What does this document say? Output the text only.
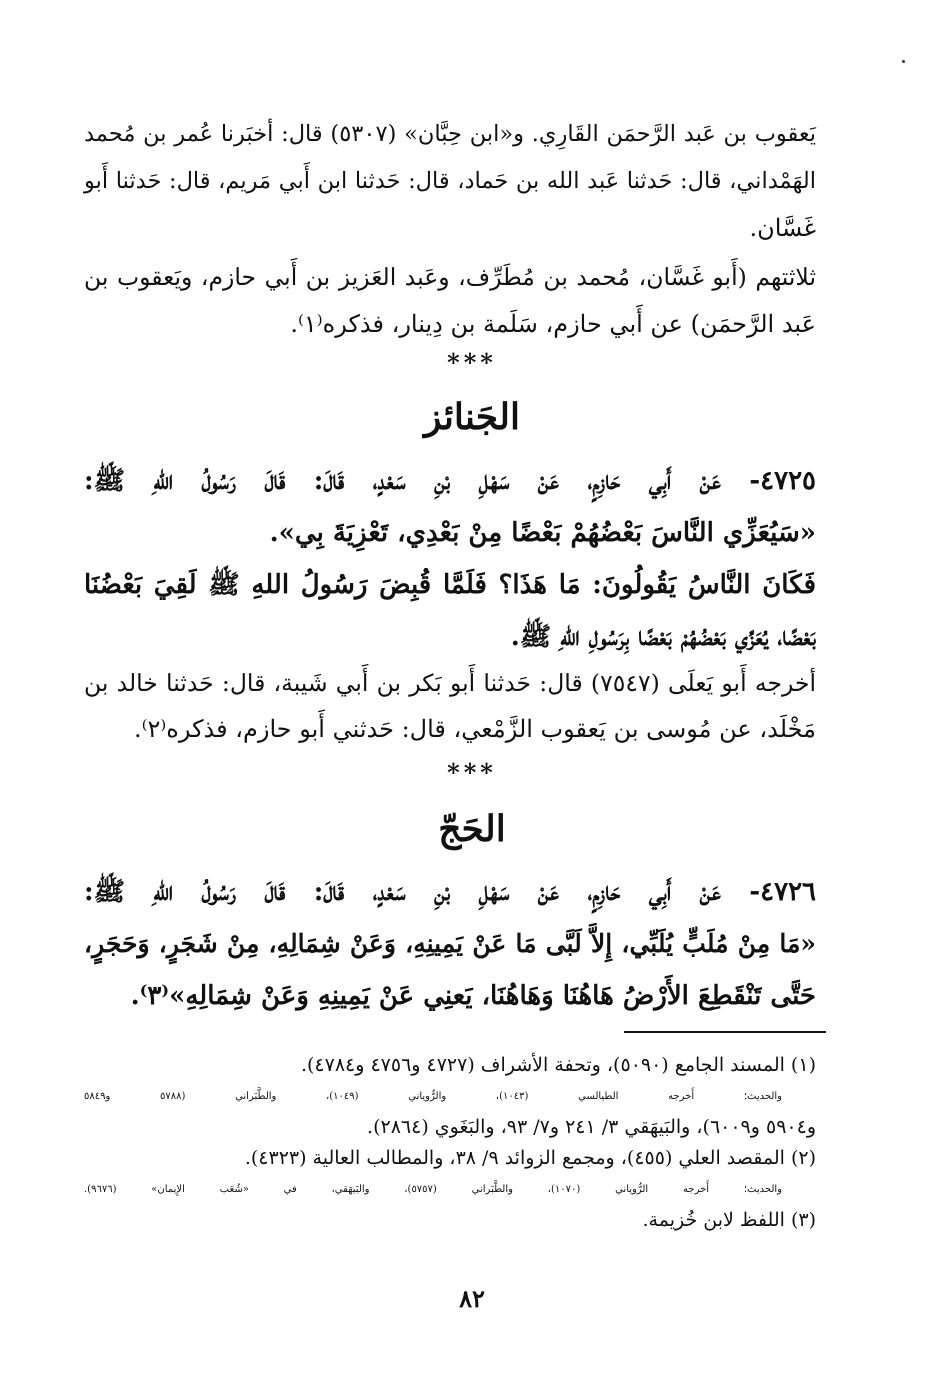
يَعقوب بن عَبد الرَّحمَن القَارِي. و«ابن حِبَّان» (٥٣٠٧) قال: أخبَرنا عُمر بن مُحمد
الهَمْداني، قال: حَدثنا عَبد الله بن حَماد، قال: حَدثنا ابن أَبي مَريم، قال: حَدثنا أَبو
غَسَّان.
ثلاثتهم (أَبو غَسَّان، مُحمد بن مُطَرِّف، وعَبد العَزيز بن أَبي حازم، ويَعقوب بن
عَبد الرَّحمَن) عن أَبي حازم، سَلَمة بن دِينار، فذكره⁽١⁾.
***
الجَنائز
٤٧٢٥- عَنْ أَبِي حَازِمٍ، عَنْ سَهْلِ بْنِ سَعْدٍ، قَالَ: قَالَ رَسُولُ اللهِ ﷺ:
«سَيُعَزِّي النَّاسَ بَعْضُهُمْ بَعْضًا مِنْ بَعْدِي، تَعْزِيَةَ بِي».
فَكَانَ النَّاسُ يَقُولُونَ: مَا هَذَا؟ فَلَمَّا قُبِضَ رَسُولُ اللهِ ﷺ لَقِيَ بَعْضُنَا
بَعْضًا، يُعَزِّي بَعْضُهُمْ بَعْضًا بِرَسُولِ اللهِ ﷺ.
أخرجه أَبو يَعلَى (٧٥٤٧) قال: حَدثنا أَبو بَكر بن أَبي شَيبة، قال: حَدثنا خالد بن
مَخْلَد، عن مُوسى بن يَعقوب الزَّمْعي، قال: حَدثني أَبو حازم، فذكره⁽٢⁾.
***
الحَجّ
٤٧٢٦- عَنْ أَبِي حَازِمٍ، عَنْ سَهْلِ بْنِ سَعْدٍ، قَالَ: قَالَ رَسُولُ اللهِ ﷺ:
«مَا مِنْ مُلَبٍّ يُلَبِّي، إِلاَّ لَبَّى مَا عَنْ يَمِينِهِ، وَعَنْ شِمَالِهِ، مِنْ شَجَرٍ، وَحَجَرٍ،
حَتَّى تَنْقَطِعَ الأَرْضُ هَاهُنَا وَهَاهُنَا، يَعنِي عَنْ يَمِينِهِ وَعَنْ شِمَالِهِ»⁽٣⁾.
(١) المسند الجامع (٥٠٩٠)، وتحفة الأشراف (٤٧٢٧ و٤٧٥٦ و٤٧٨٤).
والحديث؛ أَخرجه الطيالسي (١٠٤٣)، والرُّوياني (١٠٤٩)، والطَّبَراني (٥٧٨٨ و٥٨٤٩
و٥٩٠٤ و٦٠٠٩)، والبَيهَقي ٣/ ٢٤١ و٧/ ٩٣، والبَغَوي (٢٨٦٤).
(٢) المقصد العلي (٤٥٥)، ومجمع الزوائد ٩/ ٣٨، والمطالب العالية (٤٣٢٣).
والحديث؛ أَخرجه الرُّوياني (١٠٧٠)، والطَّبَراني (٥٧٥٧)، والبَيهَقي، في «شُعَب الإِيمان» (٩٦٧٦).
(٣) اللفظ لابن خُزيمة.
٨٢
